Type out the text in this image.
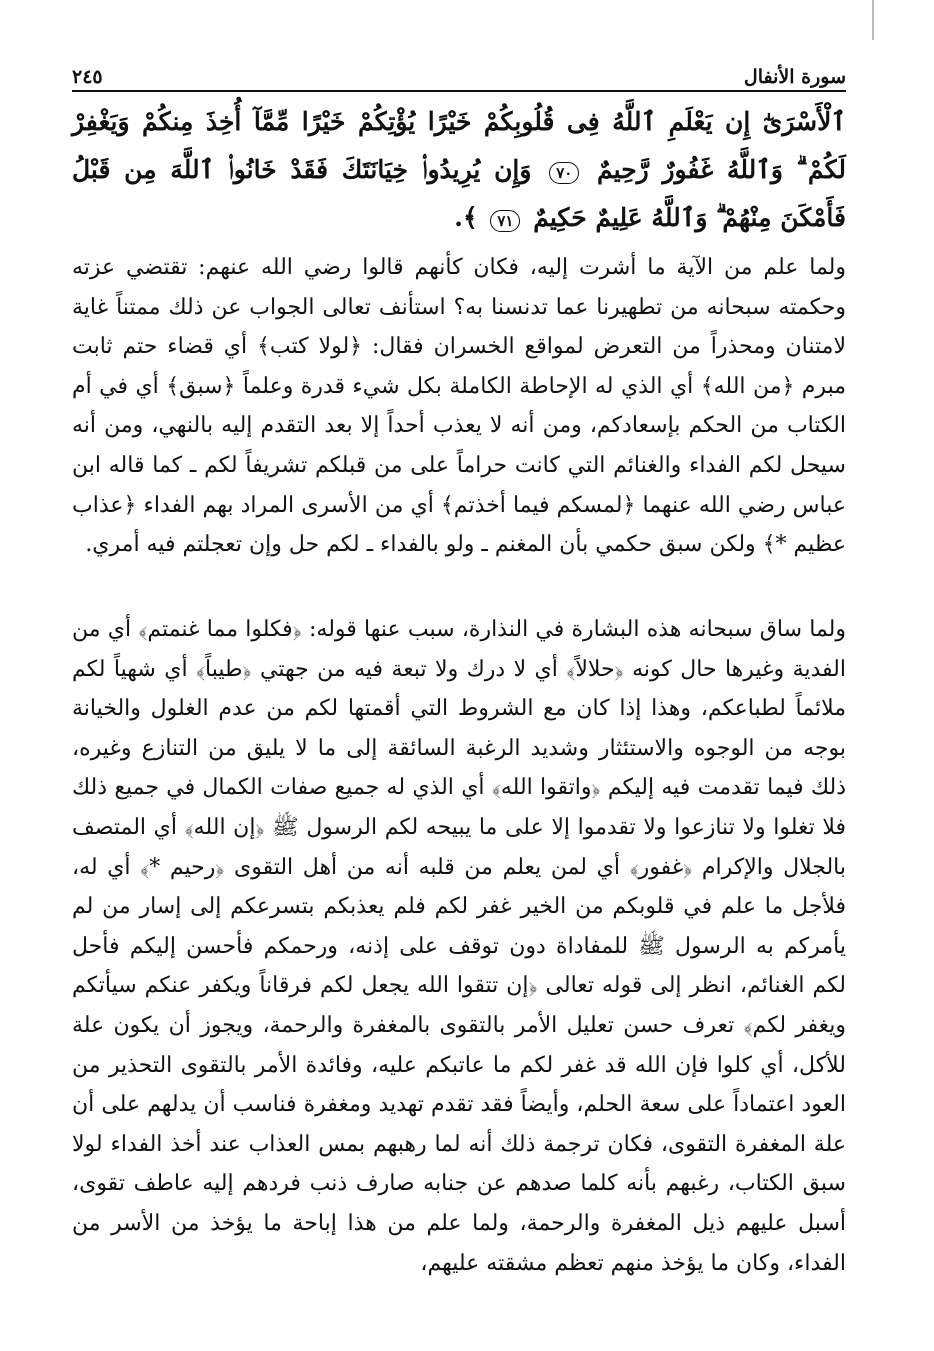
٢٤٥	سورة الأنفال
ٱلْأَسْرَىٰٓ إِن يَعْلَمِ ٱللَّهُ فِى قُلُوبِكُمْ خَيْرًا يُؤْتِكُمْ خَيْرًا مِّمَّآ أُخِذَ مِنكُمْ وَيَغْفِرْ لَكُمْ ۗ وَٱللَّهُ غَفُورٌ رَّحِيمٌ ٧٠ وَإِن يُرِيدُوا۟ خِيَانَتَكَ فَقَدْ خَانُوا۟ ٱللَّهَ مِن قَبْلُ فَأَمْكَنَ مِنْهُمْ ۗ وَٱللَّهُ عَلِيمٌ حَكِيمٌ ٧١ ﴾.
ولما علم من الآية ما أشرت إليه، فكان كأنهم قالوا رضي الله عنهم: تقتضي عزته وحكمته سبحانه من تطهيرنا عما تدنسنا به؟ استأنف تعالى الجواب عن ذلك ممتناً غاية لامتنان ومحذراً من التعرض لمواقع الخسران فقال: ﴿لولا كتب﴾ أي قضاء حتم ثابت مبرم ﴿من الله﴾ أي الذي له الإحاطة الكاملة بكل شيء قدرة وعلماً ﴿سبق﴾ أي في أم الكتاب من الحكم بإسعادكم، ومن أنه لا يعذب أحداً إلا بعد التقدم إليه بالنهي، ومن أنه سيحل لكم الفداء والغنائم التي كانت حراماً على من قبلكم تشريفاً لكم ـ كما قاله ابن عباس رضي الله عنهما ﴿لمسكم فيما أخذتم﴾ أي من الأسرى المراد بهم الفداء ﴿عذاب عظيم *﴾ ولكن سبق حكمي بأن المغنم ـ ولو بالفداء ـ لكم حل وإن تعجلتم فيه أمري.
ولما ساق سبحانه هذه البشارة في النذارة، سبب عنها قوله: ﴿فكلوا مما غنمتم﴾ أي من الفدية وغيرها حال كونه ﴿حلالاً﴾ أي لا درك ولا تبعة فيه من جهتي ﴿طيباً﴾ أي شهياً لكم ملائماً لطباعكم، وهذا إذا كان مع الشروط التي أقمتها لكم من عدم الغلول والخيانة بوجه من الوجوه والاستئثار وشديد الرغبة السائقة إلى ما لا يليق من التنازع وغيره، ذلك فيما تقدمت فيه إليكم ﴿واتقوا الله﴾ أي الذي له جميع صفات الكمال في جميع ذلك فلا تغلوا ولا تنازعوا ولا تقدموا إلا على ما يبيحه لكم الرسول ﷺ ﴿إن الله﴾ أي المتصف بالجلال والإكرام ﴿غفور﴾ أي لمن يعلم من قلبه أنه من أهل التقوى ﴿رحيم *﴾ أي له، فلأجل ما علم في قلوبكم من الخير غفر لكم فلم يعذبكم بتسرعكم إلى إسار من لم يأمركم به الرسول ﷺ للمفاداة دون توقف على إذنه، ورحمكم فأحسن إليكم فأحل لكم الغنائم، انظر إلى قوله تعالى ﴿إن تتقوا الله يجعل لكم فرقاناً ويكفر عنكم سيأتكم ويغفر لكم﴾ تعرف حسن تعليل الأمر بالتقوى بالمغفرة والرحمة، ويجوز أن يكون علة للأكل، أي كلوا فإن الله قد غفر لكم ما عاتبكم عليه، وفائدة الأمر بالتقوى التحذير من العود اعتماداً على سعة الحلم، وأيضاً فقد تقدم تهديد ومغفرة فناسب أن يدلهم على أن علة المغفرة التقوى، فكان ترجمة ذلك أنه لما رهبهم بمس العذاب عند أخذ الفداء لولا سبق الكتاب، رغبهم بأنه كلما صدهم عن جنابه صارف ذنب فردهم إليه عاطف تقوى، أسبل عليهم ذيل المغفرة والرحمة، ولما علم من هذا إباحة ما يؤخذ من الأسر من الفداء، وكان ما يؤخذ منهم تعظم مشقته عليهم،
